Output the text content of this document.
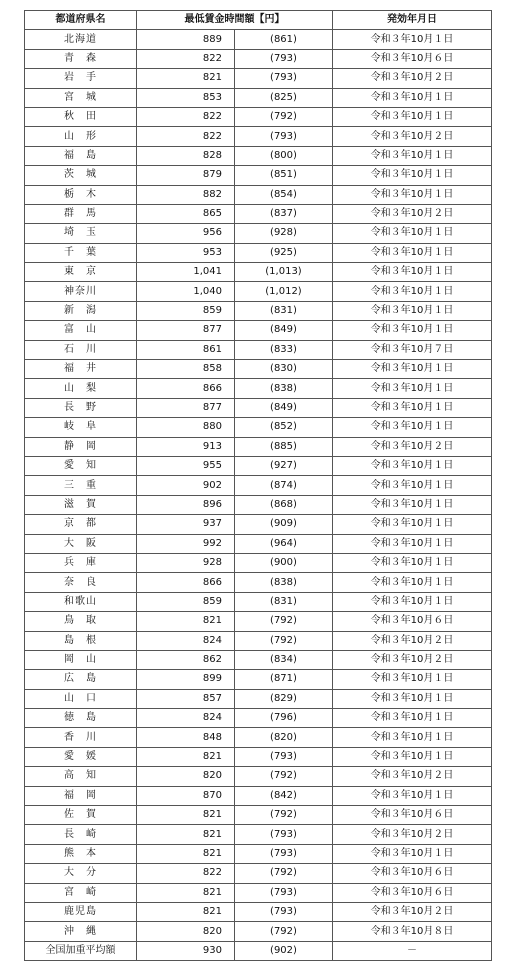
都道府県名	最低賃金時間額【円】		発効年月日
北海道	889	(861)	令和３年10月１日
青　森	822	(793)	令和３年10月６日
岩　手	821	(793)	令和３年10月２日
宮　城	853	(825)	令和３年10月１日
秋　田	822	(792)	令和３年10月１日
山　形	822	(793)	令和３年10月２日
福　島	828	(800)	令和３年10月１日
茨　城	879	(851)	令和３年10月１日
栃　木	882	(854)	令和３年10月１日
群　馬	865	(837)	令和３年10月２日
埼　玉	956	(928)	令和３年10月１日
千　葉	953	(925)	令和３年10月１日
東　京	1,041	(1,013)	令和３年10月１日
神奈川	1,040	(1,012)	令和３年10月１日
新　潟	859	(831)	令和３年10月１日
富　山	877	(849)	令和３年10月１日
石　川	861	(833)	令和３年10月７日
福　井	858	(830)	令和３年10月１日
山　梨	866	(838)	令和３年10月１日
長　野	877	(849)	令和３年10月１日
岐　阜	880	(852)	令和３年10月１日
静　岡	913	(885)	令和３年10月２日
愛　知	955	(927)	令和３年10月１日
三　重	902	(874)	令和３年10月１日
滋　賀	896	(868)	令和３年10月１日
京　都	937	(909)	令和３年10月１日
大　阪	992	(964)	令和３年10月１日
兵　庫	928	(900)	令和３年10月１日
奈　良	866	(838)	令和３年10月１日
和歌山	859	(831)	令和３年10月１日
鳥　取	821	(792)	令和３年10月６日
島　根	824	(792)	令和３年10月２日
岡　山	862	(834)	令和３年10月２日
広　島	899	(871)	令和３年10月１日
山　口	857	(829)	令和３年10月１日
徳　島	824	(796)	令和３年10月１日
香　川	848	(820)	令和３年10月１日
愛　媛	821	(793)	令和３年10月１日
高　知	820	(792)	令和３年10月２日
福　岡	870	(842)	令和３年10月１日
佐　賀	821	(792)	令和３年10月６日
長　崎	821	(793)	令和３年10月２日
熊　本	821	(793)	令和３年10月１日
大　分	822	(792)	令和３年10月６日
宮　崎	821	(793)	令和３年10月６日
鹿児島	821	(793)	令和３年10月２日
沖　縄	820	(792)	令和３年10月８日
全国加重平均額	930	(902)	－
